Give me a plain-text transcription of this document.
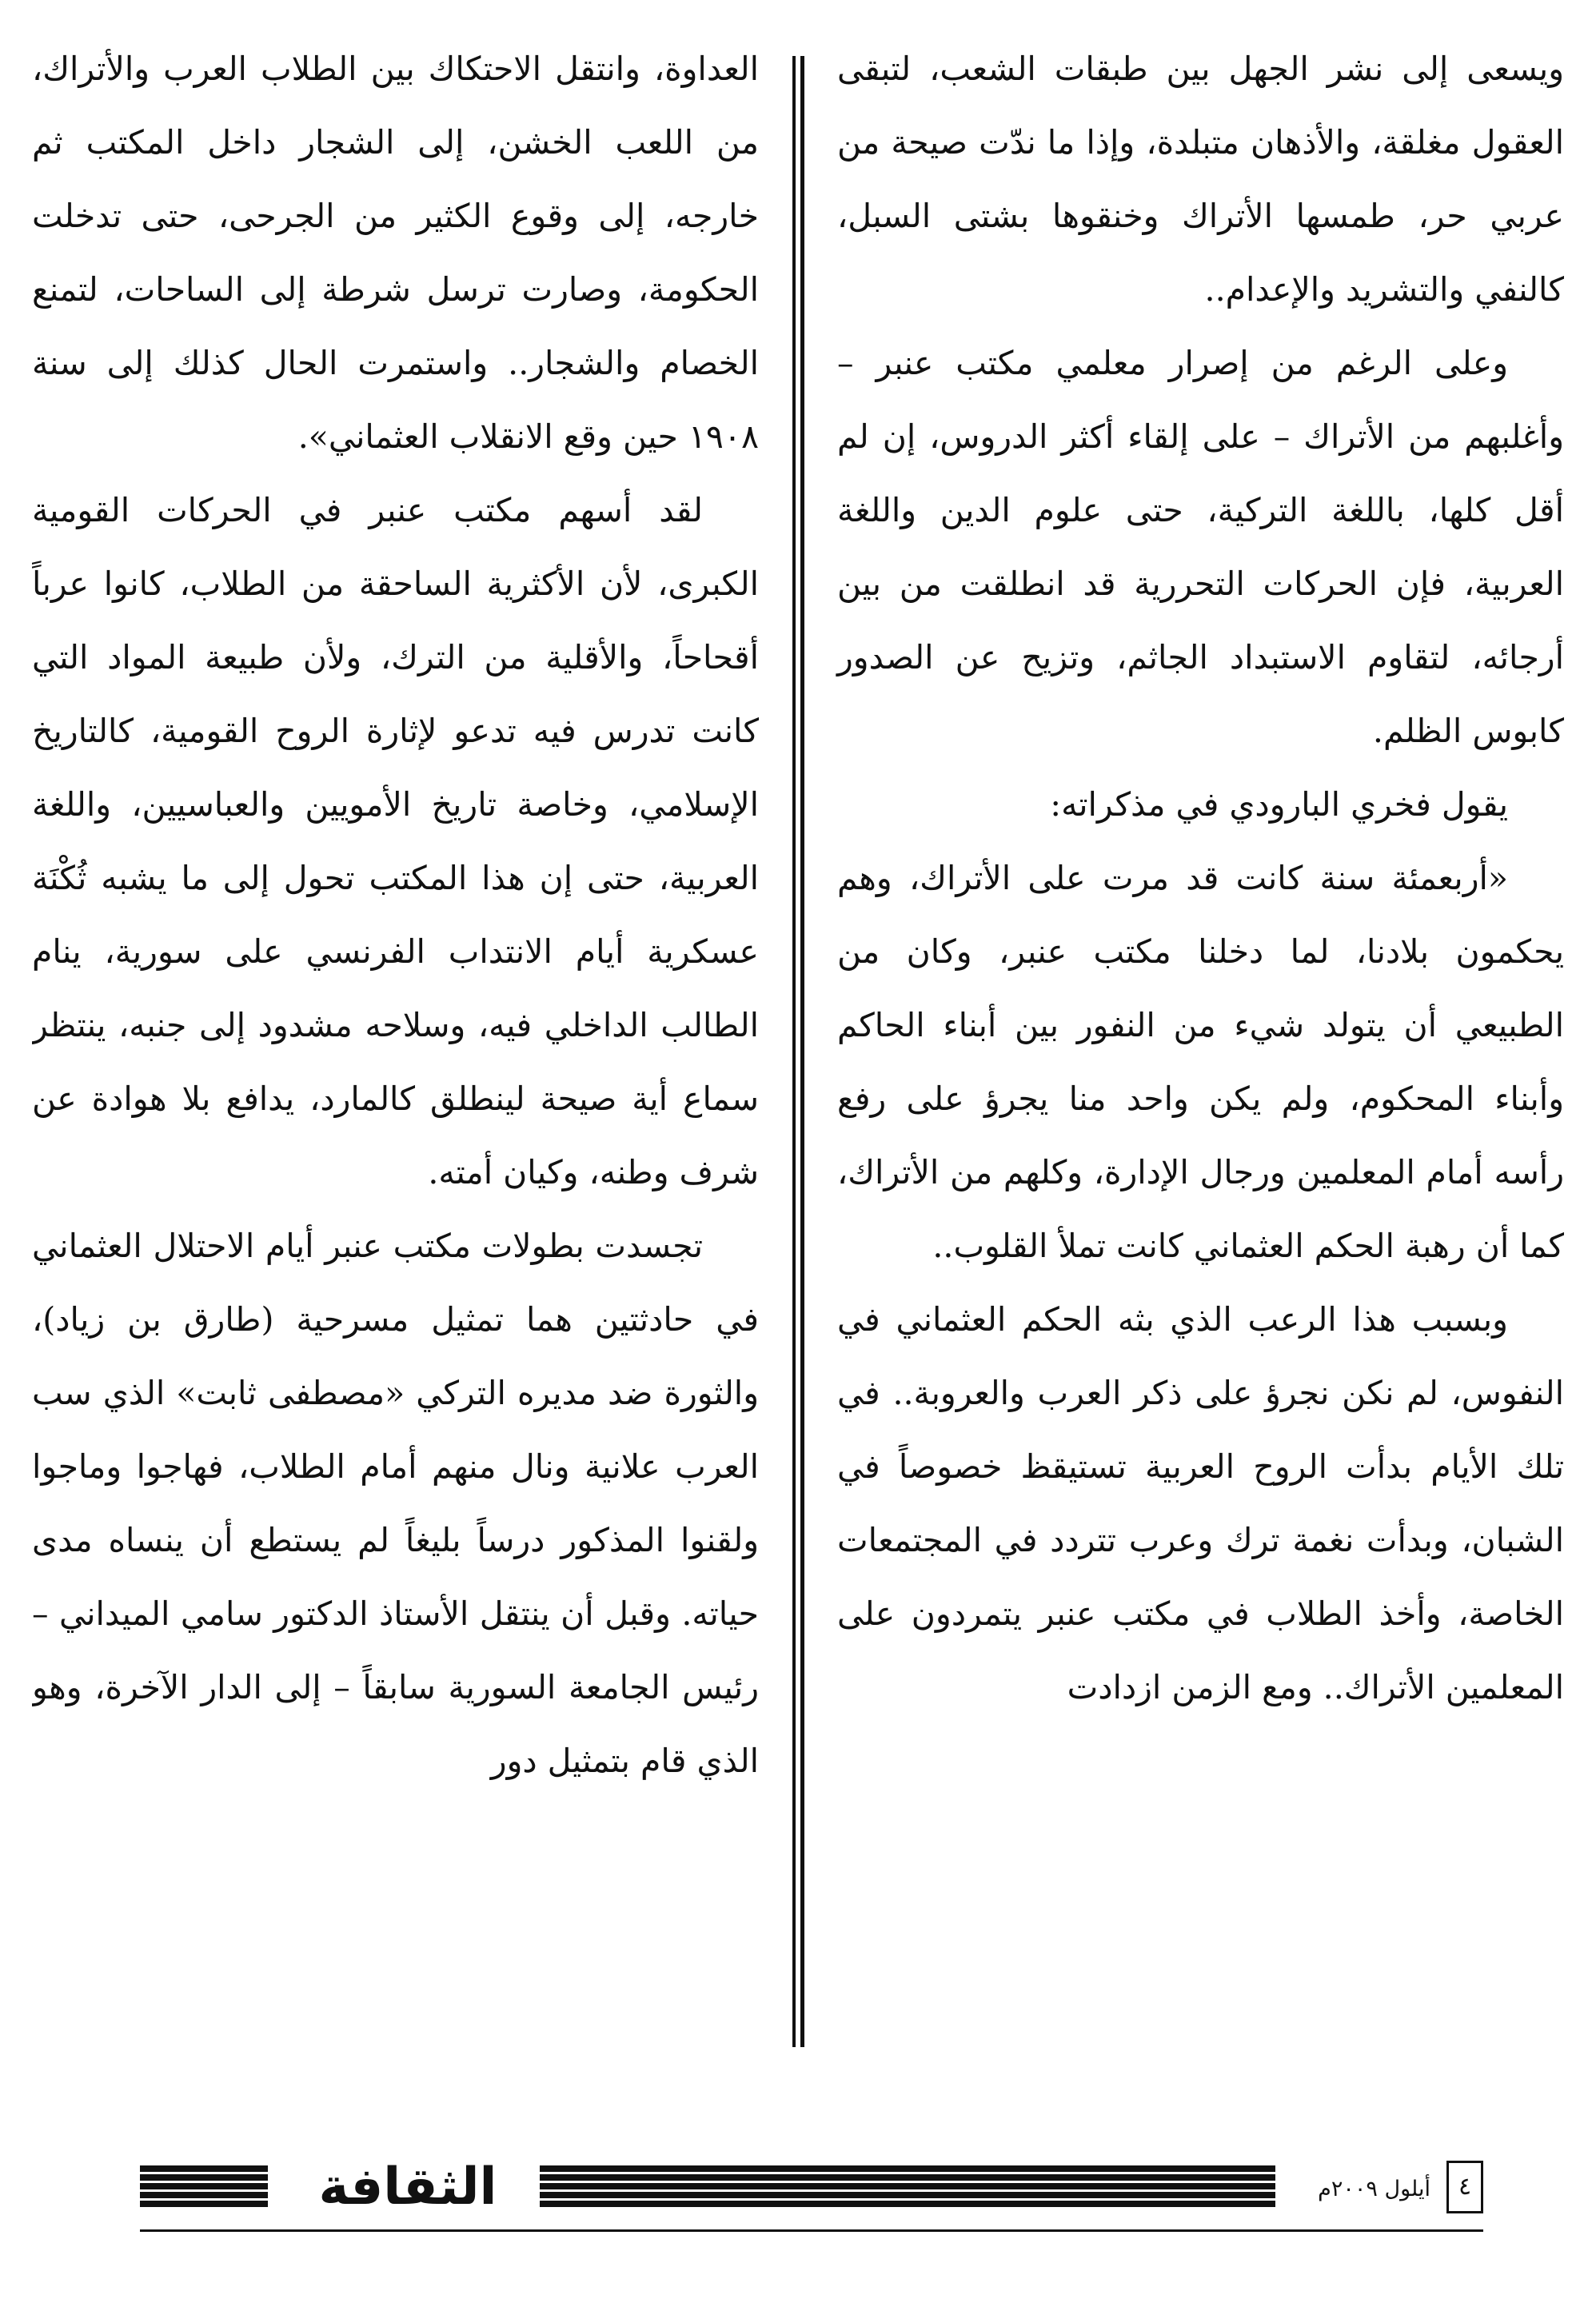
ويسعى إلى نشر الجهل بين طبقات الشعب، لتبقى العقول مغلقة، والأذهان متبلدة، وإذا ما ندّت صيحة من عربي حر، طمسها الأتراك وخنقوها بشتى السبل، كالنفي والتشريد والإعدام..

وعلى الرغم من إصرار معلمي مكتب عنبر – وأغلبهم من الأتراك – على إلقاء أكثر الدروس، إن لم أقل كلها، باللغة التركية، حتى علوم الدين واللغة العربية، فإن الحركات التحررية قد انطلقت من بين أرجائه، لتقاوم الاستبداد الجاثم، وتزيح عن الصدور كابوس الظلم.

يقول فخري البارودي في مذكراته:

«أربعمئة سنة كانت قد مرت على الأتراك، وهم يحكمون بلادنا، لما دخلنا مكتب عنبر، وكان من الطبيعي أن يتولد شيء من النفور بين أبناء الحاكم وأبناء المحكوم، ولم يكن واحد منا يجرؤ على رفع رأسه أمام المعلمين ورجال الإدارة، وكلهم من الأتراك، كما أن رهبة الحكم العثماني كانت تملأ القلوب..

وبسبب هذا الرعب الذي بثه الحكم العثماني في النفوس، لم نكن نجرؤ على ذكر العرب والعروبة.. في تلك الأيام بدأت الروح العربية تستيقظ خصوصاً في الشبان، وبدأت نغمة ترك وعرب تتردد في المجتمعات الخاصة، وأخذ الطلاب في مكتب عنبر يتمردون على المعلمين الأتراك.. ومع الزمن ازدادت

العداوة، وانتقل الاحتكاك بين الطلاب العرب والأتراك، من اللعب الخشن، إلى الشجار داخل المكتب ثم خارجه، إلى وقوع الكثير من الجرحى، حتى تدخلت الحكومة، وصارت ترسل شرطة إلى الساحات، لتمنع الخصام والشجار.. واستمرت الحال كذلك إلى سنة ١٩٠٨ حين وقع الانقلاب العثماني».

لقد أسهم مكتب عنبر في الحركات القومية الكبرى، لأن الأكثرية الساحقة من الطلاب، كانوا عرباً أقحاحاً، والأقلية من الترك، ولأن طبيعة المواد التي كانت تدرس فيه تدعو لإثارة الروح القومية، كالتاريخ الإسلامي، وخاصة تاريخ الأمويين والعباسيين، واللغة العربية، حتى إن هذا المكتب تحول إلى ما يشبه ثُكْنَة عسكرية أيام الانتداب الفرنسي على سورية، ينام الطالب الداخلي فيه، وسلاحه مشدود إلى جنبه، ينتظر سماع أية صيحة لينطلق كالمارد، يدافع بلا هوادة عن شرف وطنه، وكيان أمته.

تجسدت بطولات مكتب عنبر أيام الاحتلال العثماني في حادثتين هما تمثيل مسرحية (طارق بن زياد)، والثورة ضد مديره التركي «مصطفى ثابت» الذي سب العرب علانية ونال منهم أمام الطلاب، فهاجوا وماجوا ولقنوا المذكور درساً بليغاً لم يستطع أن ينساه مدى حياته. وقبل أن ينتقل الأستاذ الدكتور سامي الميداني – رئيس الجامعة السورية سابقاً – إلى الدار الآخرة، وهو الذي قام بتمثيل دور

٤
أيلول ٢٠٠٩م
الثقافة
